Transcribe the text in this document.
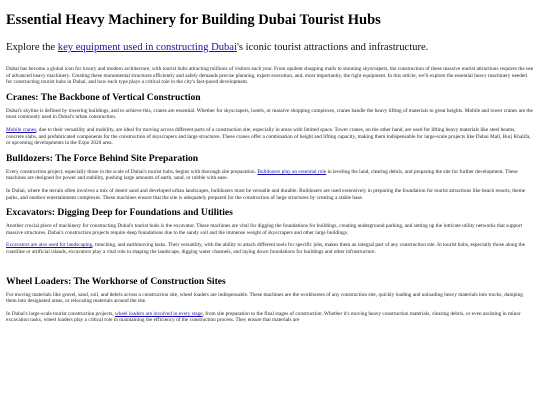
Essential Heavy Machinery for Building Dubai Tourist Hubs

Explore the key equipment used in constructing Dubai's iconic tourist attractions and infrastructure.

Dubai has become a global icon for luxury and modern architecture, with tourist hubs attracting millions of visitors each year. From opulent shopping malls to stunning skyscrapers, the construction of these massive tourist attractions requires the use of advanced heavy machinery. Creating these monumental structures efficiently and safely demands precise planning, expert execution, and, most importantly, the right equipment. In this article, we'll explore the essential heavy machinery needed for constructing tourist hubs in Dubai, and how each type plays a critical role in the city's fast-paced development.

Cranes: The Backbone of Vertical Construction

Dubai's skyline is defined by towering buildings, and to achieve this, cranes are essential. Whether for skyscrapers, hotels, or massive shopping complexes, cranes handle the heavy lifting of materials to great heights. Mobile and tower cranes are the most commonly used in Dubai's urban construction.

Mobile cranes, due to their versatility and mobility, are ideal for moving across different parts of a construction site, especially in areas with limited space. Tower cranes, on the other hand, are used for lifting heavy materials like steel beams, concrete slabs, and prefabricated components for the construction of skyscrapers and large structures. These cranes offer a combination of height and lifting capacity, making them indispensable for large-scale projects like Dubai Mall, Burj Khalifa, or upcoming developments in the Expo 2020 area.

Bulldozers: The Force Behind Site Preparation

Every construction project, especially those in the scale of Dubai's tourist hubs, begins with thorough site preparation. Bulldozers play an essential role in leveling the land, clearing debris, and preparing the site for further development. These machines are designed for power and stability, pushing large amounts of earth, sand, or rubble with ease.

In Dubai, where the terrain often involves a mix of desert sand and developed urban landscapes, bulldozers must be versatile and durable. Bulldozers are used extensively in preparing the foundation for tourist attractions like beach resorts, theme parks, and outdoor entertainment complexes. These machines ensure that the site is adequately prepared for the construction of large structures by creating a stable base.

Excavators: Digging Deep for Foundations and Utilities

Another crucial piece of machinery for constructing Dubai's tourist hubs is the excavator. These machines are vital for digging the foundations for buildings, creating underground parking, and setting up the intricate utility networks that support massive structures. Dubai's construction projects require deep foundations due to the sandy soil and the immense weight of skyscrapers and other large buildings.

Excavators are also used for landscaping, trenching, and earthmoving tasks. Their versatility, with the ability to attach different tools for specific jobs, makes them an integral part of any construction site. In tourist hubs, especially those along the coastline or artificial islands, excavators play a vital role in shaping the landscape, digging water channels, and laying down foundations for buildings and other infrastructure.

Wheel Loaders: The Workhorse of Construction Sites

For moving materials like gravel, sand, soil, and debris across a construction site, wheel loaders are indispensable. These machines are the workhorses of any construction site, quickly loading and unloading heavy materials into trucks, dumping them into designated areas, or relocating materials around the site.

In Dubai's large-scale tourist construction projects, wheel loaders are involved in every stage, from site preparation to the final stages of construction. Whether it's moving heavy construction materials, clearing debris, or even assisting in minor excavation tasks, wheel loaders play a critical role in maintaining the efficiency of the construction process. They ensure that materials are
